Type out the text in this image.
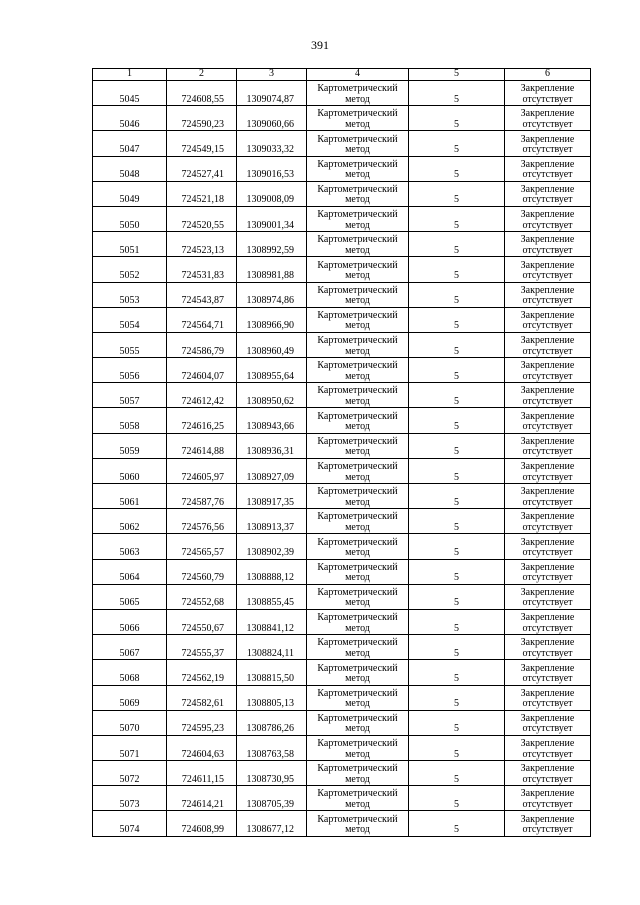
391
1	2	3	4	5	6
5045	724608,55	1309074,87	Картометрический метод	5	Закрепление отсутствует
5046	724590,23	1309060,66	Картометрический метод	5	Закрепление отсутствует
5047	724549,15	1309033,32	Картометрический метод	5	Закрепление отсутствует
5048	724527,41	1309016,53	Картометрический метод	5	Закрепление отсутствует
5049	724521,18	1309008,09	Картометрический метод	5	Закрепление отсутствует
5050	724520,55	1309001,34	Картометрический метод	5	Закрепление отсутствует
5051	724523,13	1308992,59	Картометрический метод	5	Закрепление отсутствует
5052	724531,83	1308981,88	Картометрический метод	5	Закрепление отсутствует
5053	724543,87	1308974,86	Картометрический метод	5	Закрепление отсутствует
5054	724564,71	1308966,90	Картометрический метод	5	Закрепление отсутствует
5055	724586,79	1308960,49	Картометрический метод	5	Закрепление отсутствует
5056	724604,07	1308955,64	Картометрический метод	5	Закрепление отсутствует
5057	724612,42	1308950,62	Картометрический метод	5	Закрепление отсутствует
5058	724616,25	1308943,66	Картометрический метод	5	Закрепление отсутствует
5059	724614,88	1308936,31	Картометрический метод	5	Закрепление отсутствует
5060	724605,97	1308927,09	Картометрический метод	5	Закрепление отсутствует
5061	724587,76	1308917,35	Картометрический метод	5	Закрепление отсутствует
5062	724576,56	1308913,37	Картометрический метод	5	Закрепление отсутствует
5063	724565,57	1308902,39	Картометрический метод	5	Закрепление отсутствует
5064	724560,79	1308888,12	Картометрический метод	5	Закрепление отсутствует
5065	724552,68	1308855,45	Картометрический метод	5	Закрепление отсутствует
5066	724550,67	1308841,12	Картометрический метод	5	Закрепление отсутствует
5067	724555,37	1308824,11	Картометрический метод	5	Закрепление отсутствует
5068	724562,19	1308815,50	Картометрический метод	5	Закрепление отсутствует
5069	724582,61	1308805,13	Картометрический метод	5	Закрепление отсутствует
5070	724595,23	1308786,26	Картометрический метод	5	Закрепление отсутствует
5071	724604,63	1308763,58	Картометрический метод	5	Закрепление отсутствует
5072	724611,15	1308730,95	Картометрический метод	5	Закрепление отсутствует
5073	724614,21	1308705,39	Картометрический метод	5	Закрепление отсутствует
5074	724608,99	1308677,12	Картометрический метод	5	Закрепление отсутствует
